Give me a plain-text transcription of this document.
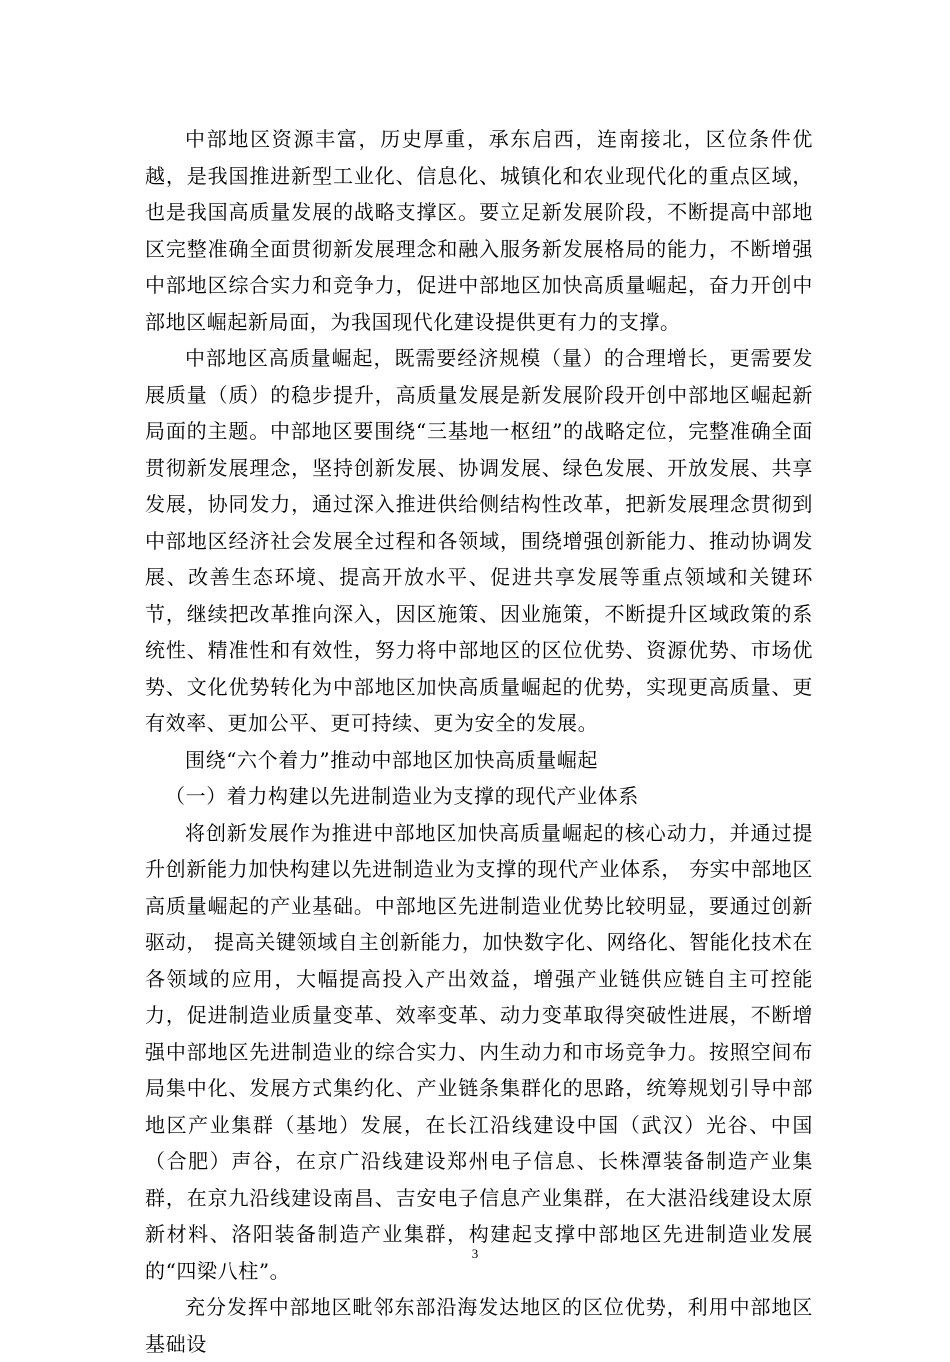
中部地区资源丰富，历史厚重，承东启西，连南接北，区位条件优越，是我国推进新型工业化、信息化、城镇化和农业现代化的重点区域，也是我国高质量发展的战略支撑区。要立足新发展阶段，不断提高中部地区完整准确全面贯彻新发展理念和融入服务新发展格局的能力，不断增强中部地区综合实力和竞争力，促进中部地区加快高质量崛起，奋力开创中部地区崛起新局面，为我国现代化建设提供更有力的支撑。

中部地区高质量崛起，既需要经济规模（量）的合理增长，更需要发展质量（质）的稳步提升，高质量发展是新发展阶段开创中部地区崛起新局面的主题。中部地区要围绕“三基地一枢纽”的战略定位，完整准确全面贯彻新发展理念，坚持创新发展、协调发展、绿色发展、开放发展、共享发展，协同发力，通过深入推进供给侧结构性改革，把新发展理念贯彻到中部地区经济社会发展全过程和各领域，围绕增强创新能力、推动协调发展、改善生态环境、提高开放水平、促进共享发展等重点领域和关键环节，继续把改革推向深入，因区施策、因业施策，不断提升区域政策的系统性、精准性和有效性，努力将中部地区的区位优势、资源优势、市场优势、文化优势转化为中部地区加快高质量崛起的优势，实现更高质量、更有效率、更加公平、更可持续、更为安全的发展。

围绕“六个着力”推动中部地区加快高质量崛起

（一）着力构建以先进制造业为支撑的现代产业体系

将创新发展作为推进中部地区加快高质量崛起的核心动力，并通过提升创新能力加快构建以先进制造业为支撑的现代产业体系， 夯实中部地区高质量崛起的产业基础。中部地区先进制造业优势比较明显，要通过创新驱动， 提高关键领域自主创新能力，加快数字化、网络化、智能化技术在各领域的应用，大幅提高投入产出效益，增强产业链供应链自主可控能力，促进制造业质量变革、效率变革、动力变革取得突破性进展，不断增强中部地区先进制造业的综合实力、内生动力和市场竞争力。按照空间布局集中化、发展方式集约化、产业链条集群化的思路，统筹规划引导中部地区产业集群（基地）发展，在长江沿线建设中国（武汉）光谷、中国（合肥）声谷，在京广沿线建设郑州电子信息、长株潭装备制造产业集群，在京九沿线建设南昌、吉安电子信息产业集群，在大湛沿线建设太原新材料、洛阳装备制造产业集群，构建起支撑中部地区先进制造业发展的“四梁八柱”。

充分发挥中部地区毗邻东部沿海发达地区的区位优势，利用中部地区基础设

3
